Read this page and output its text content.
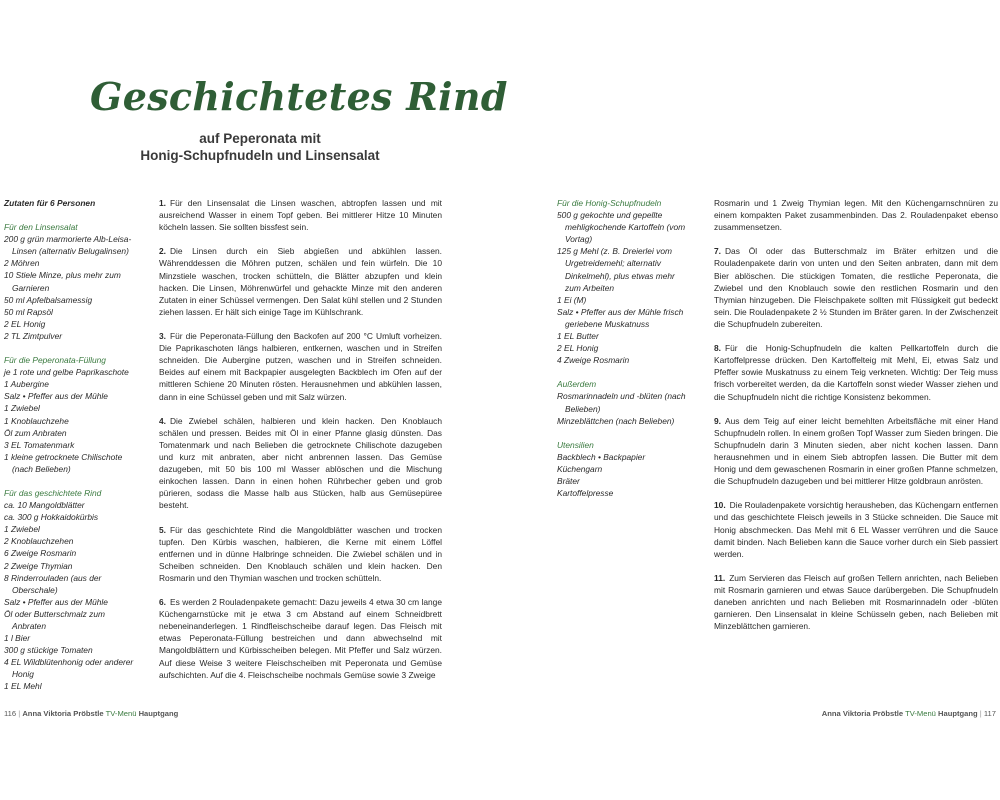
Geschichtetes Rind
auf Peperonata mit
Honig-Schupfnudeln und Linsensalat
Zutaten für 6 Personen
Für den Linsensalat
200 g grün marmorierte Alb-Leisa-Linsen (alternativ Belugalinsen)
2 Möhren
10 Stiele Minze, plus mehr zum Garnieren
50 ml Apfelbalsamessig
50 ml Rapsöl
2 EL Honig
2 TL Zimtpulver
Für die Peperonata-Füllung
je 1 rote und gelbe Paprikaschote
1 Aubergine
Salz • Pfeffer aus der Mühle
1 Zwiebel
1 Knoblauchzehe
Öl zum Anbraten
3 EL Tomatenmark
1 kleine getrocknete Chilischote (nach Belieben)
Für das geschichtete Rind
ca. 10 Mangoldblätter
ca. 300 g Hokkaidokürbis
1 Zwiebel
2 Knoblauchzehen
6 Zweige Rosmarin
2 Zweige Thymian
8 Rinderrouladen (aus der Oberschale)
Salz • Pfeffer aus der Mühle
Öl oder Butterschmalz zum Anbraten
1 l Bier
300 g stückige Tomaten
4 EL Wildblütenhonig oder anderer Honig
1 EL Mehl

1. Für den Linsensalat die Linsen waschen, abtropfen lassen und mit ausreichend Wasser in einem Topf geben. Bei mittlerer Hitze 10 Minuten köcheln lassen. Sie sollten bissfest sein.

2. Die Linsen durch ein Sieb abgießen und abkühlen lassen. Währenddessen die Möhren putzen, schälen und fein würfeln. Die 10 Minzstiele waschen, trocken schütteln, die Blätter abzupfen und klein hacken. Die Linsen, Möhrenwürfel und gehackte Minze mit den anderen Zutaten in einer Schüssel vermengen. Den Salat kühl stellen und 2 Stunden ziehen lassen. Er hält sich einige Tage im Kühlschrank.

3. Für die Peperonata-Füllung den Backofen auf 200 °C Umluft vorheizen. Die Paprikaschoten längs halbieren, entkernen, waschen und in Streifen schneiden. Die Aubergine putzen, waschen und in Streifen schneiden. Beides auf einem mit Backpapier ausgelegten Backblech im Ofen auf der mittleren Schiene 20 Minuten rösten. Herausnehmen und abkühlen lassen, dann in eine Schüssel geben und mit Salz würzen.

4. Die Zwiebel schälen, halbieren und klein hacken. Den Knoblauch schälen und pressen. Beides mit Öl in einer Pfanne glasig dünsten. Das Tomatenmark und nach Belieben die getrocknete Chilischote dazugeben und kurz mit anbraten, aber nicht anbrennen lassen. Das Gemüse dazugeben, mit 50 bis 100 ml Wasser ablöschen und die Mischung einkochen lassen. Dann in einen hohen Rührbecher geben und grob pürieren, sodass die Masse halb aus Stücken, halb aus Gemüsepüree besteht.

5. Für das geschichtete Rind die Mangoldblätter waschen und trocken tupfen. Den Kürbis waschen, halbieren, die Kerne mit einem Löffel entfernen und in dünne Halbringe schneiden. Die Zwiebel schälen und in Scheiben schneiden. Den Knoblauch schälen und klein hacken. Den Rosmarin und den Thymian waschen und trocken schütteln.

6. Es werden 2 Rouladenpakete gemacht: Dazu jeweils 4 etwa 30 cm lange Küchengarnstücke mit je etwa 3 cm Abstand auf einem Schneidbrett nebeneinanderlegen. 1 Rindfleischscheibe darauf legen. Das Fleisch mit etwas Peperonata-Füllung bestreichen und dann abwechselnd mit Mangoldblättern und Kürbisscheiben belegen. Mit Pfeffer und Salz würzen. Auf diese Weise 3 weitere Fleischscheiben mit Peperonata und Gemüse aufschichten. Auf die 4. Fleischscheibe nochmals Gemüse sowie 3 Zweige

Für die Honig-Schupfnudeln
500 g gekochte und gepellte mehligkochende Kartoffeln (vom Vortag)
125 g Mehl (z. B. Dreierlei vom Urgetreidemehl; alternativ Dinkelmehl), plus etwas mehr zum Arbeiten
1 Ei (M)
Salz • Pfeffer aus der Mühle frisch geriebene Muskatnuss
1 EL Butter
2 EL Honig
4 Zweige Rosmarin
Außerdem
Rosmarinnadeln und -blüten (nach Belieben)
Minzeblättchen (nach Belieben)
Utensilien
Backblech • Backpapier
Küchengarn
Bräter
Kartoffelpresse

Rosmarin und 1 Zweig Thymian legen. Mit den Küchengarnschnüren zu einem kompakten Paket zusammenbinden. Das 2. Rouladenpaket ebenso zusammensetzen.

7. Das Öl oder das Butterschmalz im Bräter erhitzen und die Rouladenpakete darin von unten und den Seiten anbraten, dann mit dem Bier ablöschen. Die stückigen Tomaten, die restliche Peperonata, die Zwiebel und den Knoblauch sowie den restlichen Rosmarin und den Thymian hinzugeben. Die Fleischpakete sollten mit Flüssigkeit gut bedeckt sein. Die Rouladenpakete 2 ½ Stunden im Bräter garen. In der Zwischenzeit die Schupfnudeln zubereiten.

8. Für die Honig-Schupfnudeln die kalten Pellkartoffeln durch die Kartoffelpresse drücken. Den Kartoffelteig mit Mehl, Ei, etwas Salz und Pfeffer sowie Muskatnuss zu einem Teig verkneten. Wichtig: Der Teig muss frisch vorbereitet werden, da die Kartoffeln sonst wieder Wasser ziehen und die Schupfnudeln nicht die richtige Konsistenz bekommen.

9. Aus dem Teig auf einer leicht bemehlten Arbeitsfläche mit einer Hand Schupfnudeln rollen. In einem großen Topf Wasser zum Sieden bringen. Die Schupfnudeln darin 3 Minuten sieden, aber nicht kochen lassen. Dann herausnehmen und in einem Sieb abtropfen lassen. Die Butter mit dem Honig und dem gewaschenen Rosmarin in einer großen Pfanne schmelzen, die Schupfnudeln dazugeben und bei mittlerer Hitze goldbraun anrösten.

10. Die Rouladenpakete vorsichtig herausheben, das Küchengarn entfernen und das geschichtete Fleisch jeweils in 3 Stücke schneiden. Die Sauce mit Honig abschmecken. Das Mehl mit 6 EL Wasser verrühren und die Sauce damit binden. Nach Belieben kann die Sauce vorher durch ein Sieb passiert werden.

11. Zum Servieren das Fleisch auf großen Tellern anrichten, nach Belieben mit Rosmarin garnieren und etwas Sauce darübergeben. Die Schupfnudeln daneben anrichten und nach Belieben mit Rosmarinnadeln oder -blüten garnieren. Den Linsensalat in kleine Schüsseln geben, nach Belieben mit Minzeblättchen garnieren.

116 | Anna Viktoria Pröbstle TV-Menü Hauptgang	Anna Viktoria Pröbstle TV-Menü Hauptgang | 117
